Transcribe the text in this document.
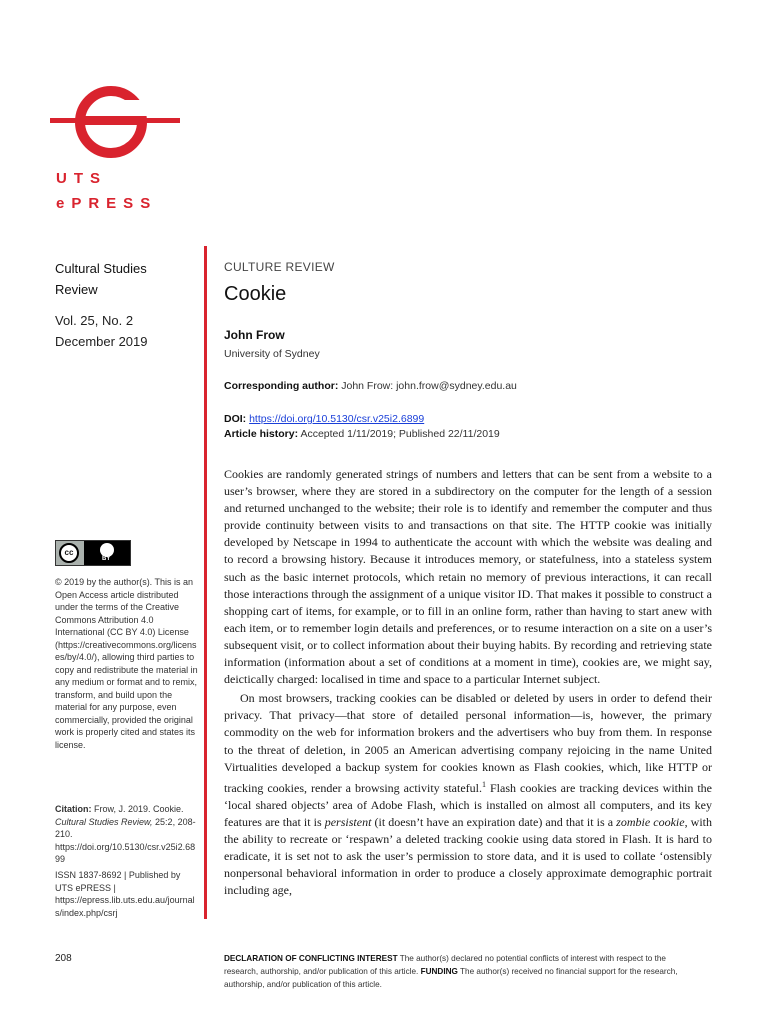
UTS
ePRESS
Cultural Studies
Review
Vol. 25, No. 2
December 2019
cc
BY
© 2019 by the author(s). This is an Open Access article distributed under the terms of the Creative Commons Attribution 4.0 International (CC BY 4.0) License (https://creativecommons.org/licenses/by/4.0/), allowing third parties to copy and redistribute the material in any medium or format and to remix, transform, and build upon the material for any purpose, even commercially, provided the original work is properly cited and states its license.
Citation: Frow, J. 2019. Cookie. Cultural Studies Review, 25:2, 208-210. https://doi.org/10.5130/csr.v25i2.6899
ISSN 1837-8692 | Published by UTS ePRESS | https://epress.lib.uts.edu.au/journals/index.php/csrj
208
CULTURE REVIEW
Cookie
John Frow
University of Sydney
Corresponding author: John Frow: john.frow@sydney.edu.au
DOI: https://doi.org/10.5130/csr.v25i2.6899
Article history: Accepted 1/11/2019; Published 22/11/2019

Cookies are randomly generated strings of numbers and letters that can be sent from a website to a user’s browser, where they are stored in a subdirectory on the computer for the length of a session and returned unchanged to the website; their role is to identify and remember the computer and thus provide continuity between visits to and transactions on that site. The HTTP cookie was initially developed by Netscape in 1994 to authenticate the account with which the website was dealing and to record a browsing history. Because it introduces memory, or statefulness, into a stateless system such as the basic internet protocols, which retain no memory of previous interactions, it can recall those interactions through the assignment of a unique visitor ID. That makes it possible to construct a shopping cart of items, for example, or to fill in an online form, rather than having to start anew with each item, or to remember login details and preferences, or to resume interaction on a site on a user’s subsequent visit, or to collect information about their buying habits. By recording and retrieving state information (information about a set of conditions at a moment in time), cookies are, we might say, deictically charged: localised in time and space to a particular Internet subject.

On most browsers, tracking cookies can be disabled or deleted by users in order to defend their privacy. That privacy—that store of detailed personal information—is, however, the primary commodity on the web for information brokers and the advertisers who buy from them. In response to the threat of deletion, in 2005 an American advertising company rejoicing in the name United Virtualities developed a backup system for cookies known as Flash cookies, which, like HTTP or tracking cookies, render a browsing activity stateful.$^1$ Flash cookies are tracking devices within the ‘local shared objects’ area of Adobe Flash, which is installed on almost all computers, and its key features are that it is persistent (it doesn’t have an expiration date) and that it is a zombie cookie, with the ability to recreate or ‘respawn’ a deleted tracking cookie using data stored in Flash. It is hard to eradicate, it is set not to ask the user’s permission to store data, and it is used to collate ‘ostensibly nonpersonal behavioral information in order to produce a closely approximate demographic portrait including age,

DECLARATION OF CONFLICTING INTEREST The author(s) declared no potential conflicts of interest with respect to the research, authorship, and/or publication of this article. FUNDING The author(s) received no financial support for the research, authorship, and/or publication of this article.
